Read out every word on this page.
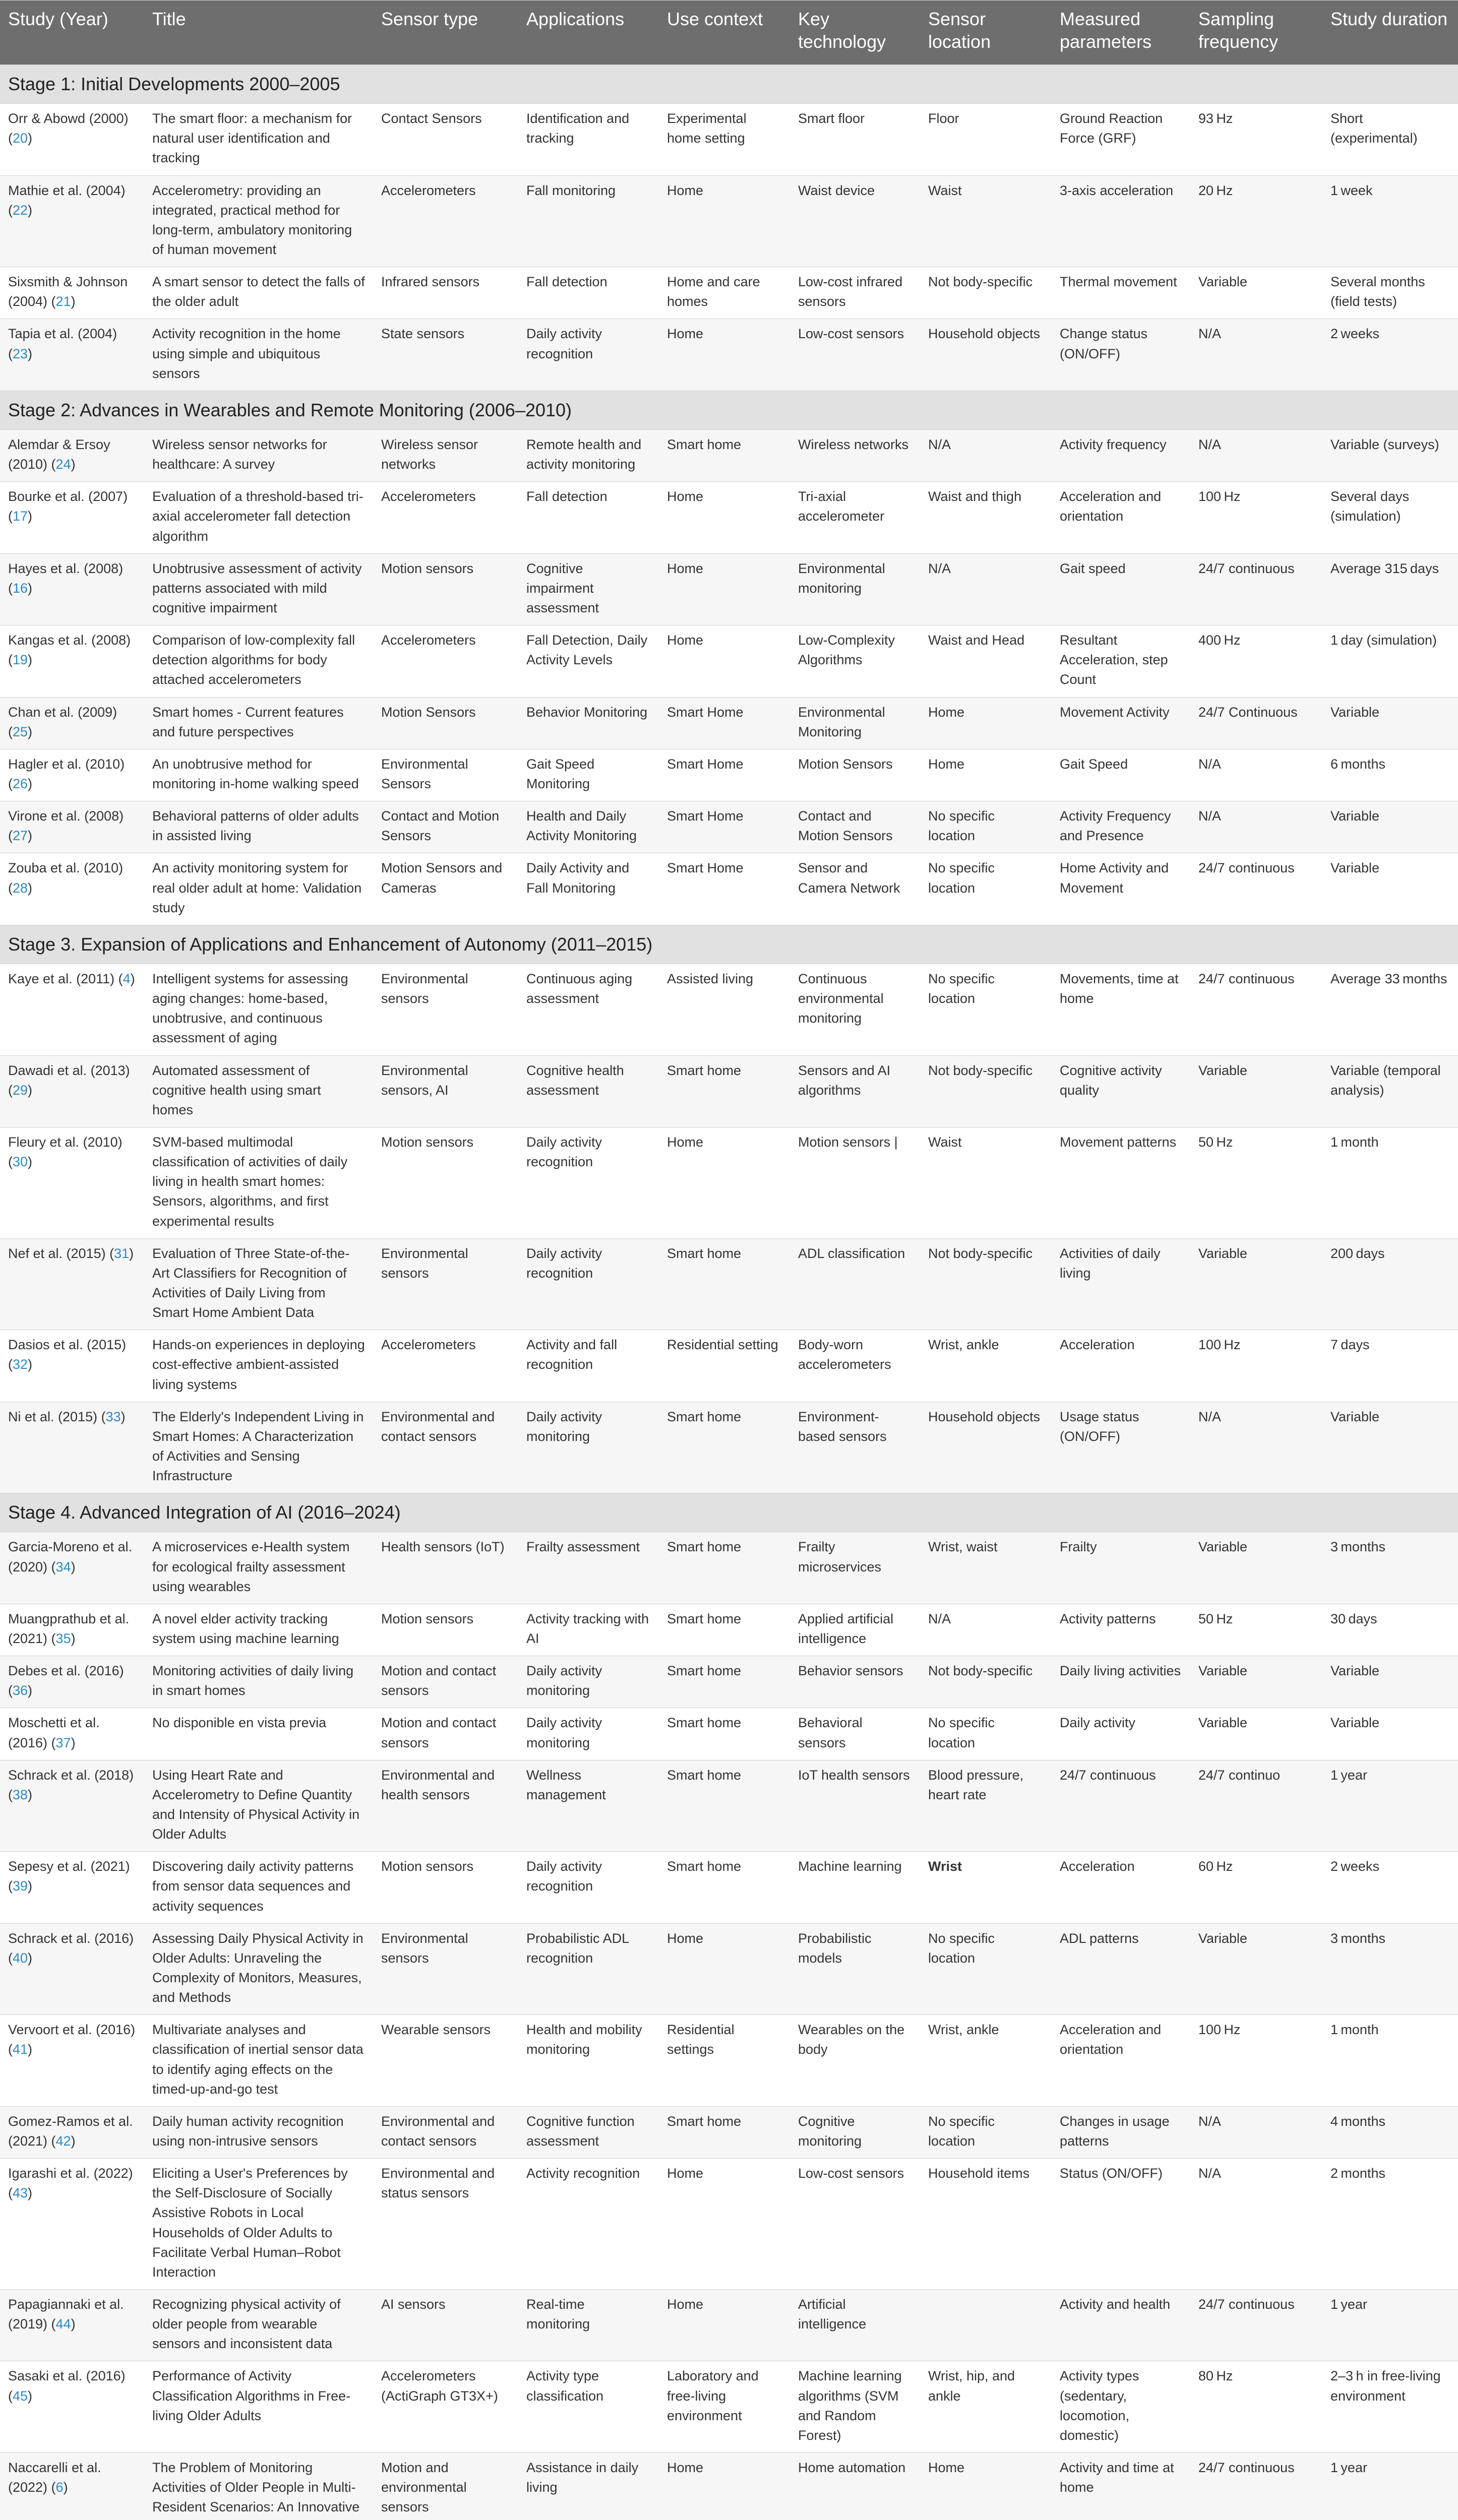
Study (Year)	Title	Sensor type	Applications	Use context	Key technology	Sensor location	Measured parameters	Sampling frequency	Study duration
Stage 1: Initial Developments 2000–2005									
Orr & Abowd (2000) (20)	The smart floor: a mechanism for natural user identification and tracking	Contact Sensors	Identification and tracking	Experimental home setting	Smart floor	Floor	Ground Reaction Force (GRF)	93 Hz	Short (experimental)
Mathie et al. (2004) (22)	Accelerometry: providing an integrated, practical method for long-term, ambulatory monitoring of human movement	Accelerometers	Fall monitoring	Home	Waist device	Waist	3-axis acceleration	20 Hz	1 week
Sixsmith & Johnson (2004) (21)	A smart sensor to detect the falls of the older adult	Infrared sensors	Fall detection	Home and care homes	Low-cost infrared sensors	Not body-specific	Thermal movement	Variable	Several months (field tests)
Tapia et al. (2004) (23)	Activity recognition in the home using simple and ubiquitous sensors	State sensors	Daily activity recognition	Home	Low-cost sensors	Household objects	Change status (ON/OFF)	N/A	2 weeks
Stage 2: Advances in Wearables and Remote Monitoring (2006–2010)									
Alemdar & Ersoy (2010) (24)	Wireless sensor networks for healthcare: A survey	Wireless sensor networks	Remote health and activity monitoring	Smart home	Wireless networks	N/A	Activity frequency	N/A	Variable (surveys)
Bourke et al. (2007) (17)	Evaluation of a threshold-based tri-axial accelerometer fall detection algorithm	Accelerometers	Fall detection	Home	Tri-axial accelerometer	Waist and thigh	Acceleration and orientation	100 Hz	Several days (simulation)
Hayes et al. (2008) (16)	Unobtrusive assessment of activity patterns associated with mild cognitive impairment	Motion sensors	Cognitive impairment assessment	Home	Environmental monitoring	N/A	Gait speed	24/7 continuous	Average 315 days
Kangas et al. (2008) (19)	Comparison of low-complexity fall detection algorithms for body attached accelerometers	Accelerometers	Fall Detection, Daily Activity Levels	Home	Low-Complexity Algorithms	Waist and Head	Resultant Acceleration, step Count	400 Hz	1 day (simulation)
Chan et al. (2009) (25)	Smart homes - Current features and future perspectives	Motion Sensors	Behavior Monitoring	Smart Home	Environmental Monitoring	Home	Movement Activity	24/7 Continuous	Variable
Hagler et al. (2010) (26)	An unobtrusive method for monitoring in-home walking speed	Environmental Sensors	Gait Speed Monitoring	Smart Home	Motion Sensors	Home	Gait Speed	N/A	6 months
Virone et al. (2008) (27)	Behavioral patterns of older adults in assisted living	Contact and Motion Sensors	Health and Daily Activity Monitoring	Smart Home	Contact and Motion Sensors	No specific location	Activity Frequency and Presence	N/A	Variable
Zouba et al. (2010) (28)	An activity monitoring system for real older adult at home: Validation study	Motion Sensors and Cameras	Daily Activity and Fall Monitoring	Smart Home	Sensor and Camera Network	No specific location	Home Activity and Movement	24/7 continuous	Variable
Stage 3. Expansion of Applications and Enhancement of Autonomy (2011–2015)									
Kaye et al. (2011) (4)	Intelligent systems for assessing aging changes: home-based, unobtrusive, and continuous assessment of aging	Environmental sensors	Continuous aging assessment	Assisted living	Continuous environmental monitoring	No specific location	Movements, time at home	24/7 continuous	Average 33 months
Dawadi et al. (2013) (29)	Automated assessment of cognitive health using smart homes	Environmental sensors, AI	Cognitive health assessment	Smart home	Sensors and AI algorithms	Not body-specific	Cognitive activity quality	Variable	Variable (temporal analysis)
Fleury et al. (2010) (30)	SVM-based multimodal classification of activities of daily living in health smart homes: Sensors, algorithms, and first experimental results	Motion sensors	Daily activity recognition	Home	Motion sensors |	Waist	Movement patterns	50 Hz	1 month
Nef et al. (2015) (31)	Evaluation of Three State-of-the-Art Classifiers for Recognition of Activities of Daily Living from Smart Home Ambient Data	Environmental sensors	Daily activity recognition	Smart home	ADL classification	Not body-specific	Activities of daily living	Variable	200 days
Dasios et al. (2015) (32)	Hands-on experiences in deploying cost-effective ambient-assisted living systems	Accelerometers	Activity and fall recognition	Residential setting	Body-worn accelerometers	Wrist, ankle	Acceleration	100 Hz	7 days
Ni et al. (2015) (33)	The Elderly's Independent Living in Smart Homes: A Characterization of Activities and Sensing Infrastructure	Environmental and contact sensors	Daily activity monitoring	Smart home	Environment-based sensors	Household objects	Usage status (ON/OFF)	N/A	Variable
Stage 4. Advanced Integration of AI (2016–2024)									
Garcia-Moreno et al. (2020) (34)	A microservices e-Health system for ecological frailty assessment using wearables	Health sensors (IoT)	Frailty assessment	Smart home	Frailty microservices	Wrist, waist	Frailty	Variable	3 months
Muangprathub et al. (2021) (35)	A novel elder activity tracking system using machine learning	Motion sensors	Activity tracking with AI	Smart home	Applied artificial intelligence	N/A	Activity patterns	50 Hz	30 days
Debes et al. (2016) (36)	Monitoring activities of daily living in smart homes	Motion and contact sensors	Daily activity monitoring	Smart home	Behavior sensors	Not body-specific	Daily living activities	Variable	Variable
Moschetti et al. (2016) (37)	No disponible en vista previa	Motion and contact sensors	Daily activity monitoring	Smart home	Behavioral sensors	No specific location	Daily activity	Variable	Variable
Schrack et al. (2018) (38)	Using Heart Rate and Accelerometry to Define Quantity and Intensity of Physical Activity in Older Adults	Environmental and health sensors	Wellness management	Smart home	IoT health sensors	Blood pressure, heart rate	24/7 continuous	24/7 continuo	1 year
Sepesy et al. (2021) (39)	Discovering daily activity patterns from sensor data sequences and activity sequences	Motion sensors	Daily activity recognition	Smart home	Machine learning	Wrist	Acceleration	60 Hz	2 weeks
Schrack et al. (2016) (40)	Assessing Daily Physical Activity in Older Adults: Unraveling the Complexity of Monitors, Measures, and Methods	Environmental sensors	Probabilistic ADL recognition	Home	Probabilistic models	No specific location	ADL patterns	Variable	3 months
Vervoort et al. (2016) (41)	Multivariate analyses and classification of inertial sensor data to identify aging effects on the timed-up-and-go test	Wearable sensors	Health and mobility monitoring	Residential settings	Wearables on the body	Wrist, ankle	Acceleration and orientation	100 Hz	1 month
Gomez-Ramos et al. (2021) (42)	Daily human activity recognition using non-intrusive sensors	Environmental and contact sensors	Cognitive function assessment	Smart home	Cognitive monitoring	No specific location	Changes in usage patterns	N/A	4 months
Igarashi et al. (2022) (43)	Eliciting a User's Preferences by the Self-Disclosure of Socially Assistive Robots in Local Households of Older Adults to Facilitate Verbal Human–Robot Interaction	Environmental and status sensors	Activity recognition	Home	Low-cost sensors	Household items	Status (ON/OFF)	N/A	2 months
Papagiannaki et al. (2019) (44)	Recognizing physical activity of older people from wearable sensors and inconsistent data	AI sensors	Real-time monitoring	Home	Artificial intelligence		Activity and health	24/7 continuous	1 year
Sasaki et al. (2016) (45)	Performance of Activity Classification Algorithms in Free-living Older Adults	Accelerometers (ActiGraph GT3X+)	Activity type classification	Laboratory and free-living environment	Machine learning algorithms (SVM and Random Forest)	Wrist, hip, and ankle	Activity types (sedentary, locomotion, domestic)	80 Hz	2–3 h in free-living environment
Naccarelli et al. (2022) (6)	The Problem of Monitoring Activities of Older People in Multi-Resident Scenarios: An Innovative	Motion and environmental sensors	Assistance in daily living	Home	Home automation	Home	Activity and time at home	24/7 continuous	1 year
